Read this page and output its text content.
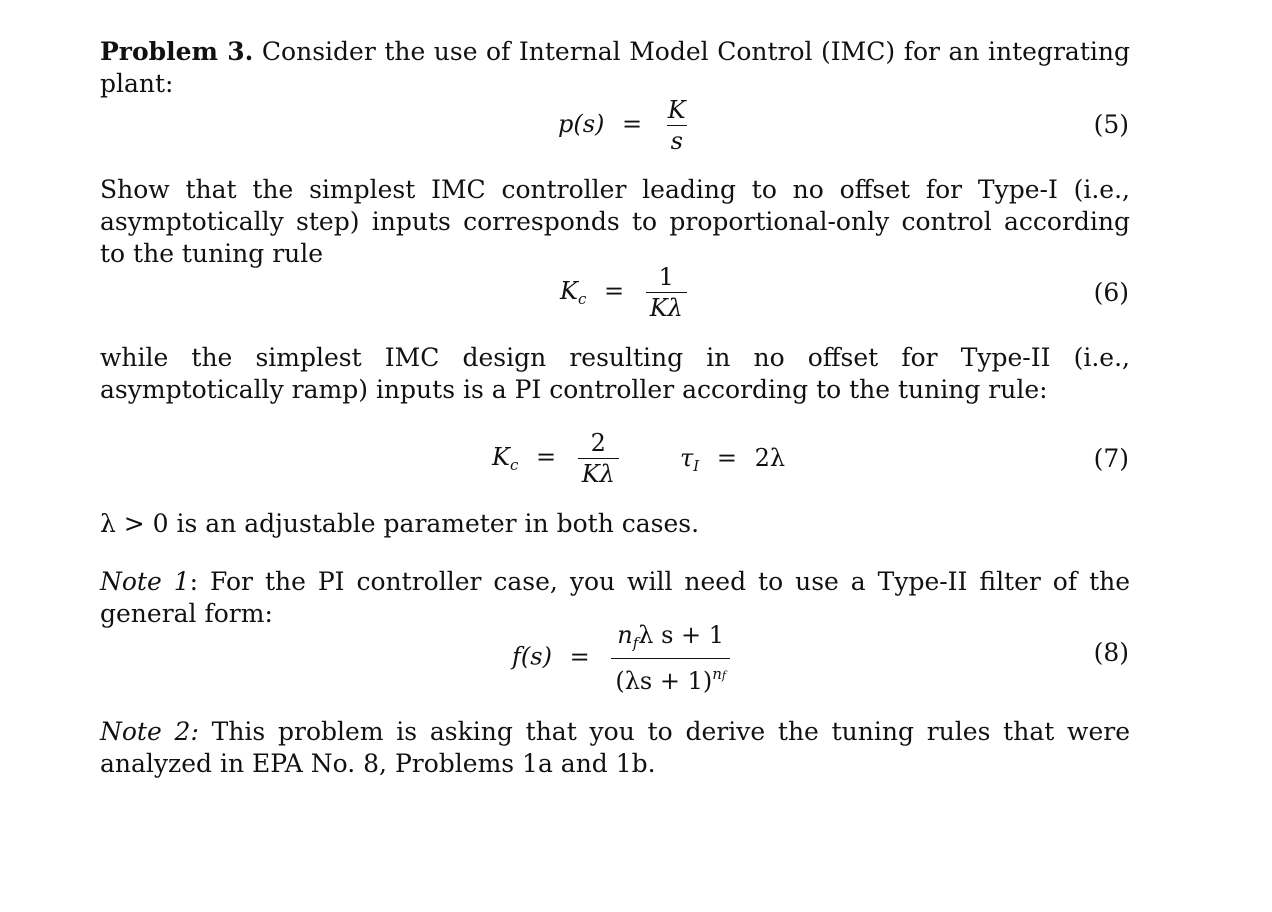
Problem 3. Consider the use of Internal Model Control (IMC) for an integrating plant:
$p(s) = \frac{K}{s}$	(5)
Show that the simplest IMC controller leading to no offset for Type-I (i.e., asymptotically step) inputs corresponds to proportional-only control according to the tuning rule
$K_c = \frac{1}{K\lambda}$	(6)
while the simplest IMC design resulting in no offset for Type-II (i.e., asymptotically ramp) inputs is a PI controller according to the tuning rule:
$K_c = \frac{2}{K\lambda}$	$\tau_I = 2\lambda$	(7)
λ > 0 is an adjustable parameter in both cases.
Note 1: For the PI controller case, you will need to use a Type-II filter of the general form:
$f(s) = \frac{n_f\lambda s + 1}{(\lambda s + 1)^{nf}}$	(8)
Note 2: This problem is asking that you to derive the tuning rules that were analyzed in EPA No. 8, Problems 1a and 1b.
